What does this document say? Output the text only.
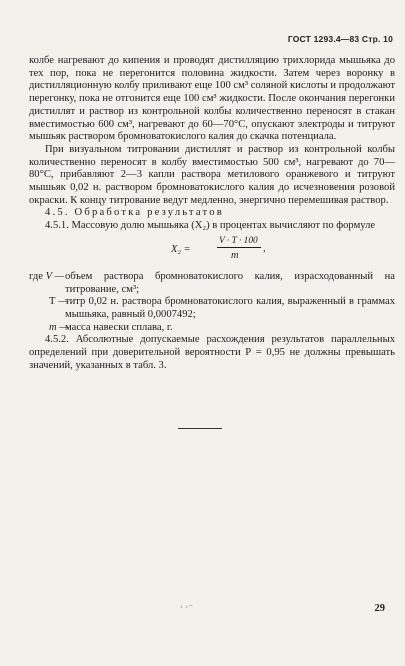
ГОСТ 1293.4—83 Стр. 10

колбе нагревают до кипения и проводят дистилляцию трихлорида мышьяка до тех пор, пока не перегонится половина жидкости. Затем через воронку в дистилляционную колбу приливают еще 100 см³ соляной кислоты и продолжают перегонку, пока не отгонится еще 100 см³ жидкости. После окончания перегонки дистиллят и раствор из контрольной колбы количественно переносят в стакан вместимостью 600 см³, нагревают до 60—70°С, опускают электроды и титруют мышьяк раствором бромноватокислого калия до скачка потенциала.

При визуальном титровании дистиллят и раствор из контрольной колбы количественно переносят в колбу вместимостью 500 см³, нагревают до 70—80°С, прибавляют 2—3 капли раствора метилового оранжевого и титруют мышьяк 0,02 н. раствором бромноватокислого калия до исчезновения розовой окраски. К концу титрование ведут медленно, энергично перемешивая раствор.

4.5. Обработка результатов

4.5.1. Массовую долю мышьяка (X₂) в процентах вычисляют по формуле

X₂ =
V · T · 100
m
,
где V — объем раствора бромноватокислого калия, израсходованный на титрование, см³;
Т —
титр 0,02 н. раствора бромноватокислого калия, выраженный в граммах мышьяка, равный 0,0007492;
m —
масса навески сплава, г.

4.5.2. Абсолютные допускаемые расхождения результатов параллельных определений при доверительной вероятности Р = 0,95 не должны превышать значений, указанных в табл. 3.

· ·⁻	29
